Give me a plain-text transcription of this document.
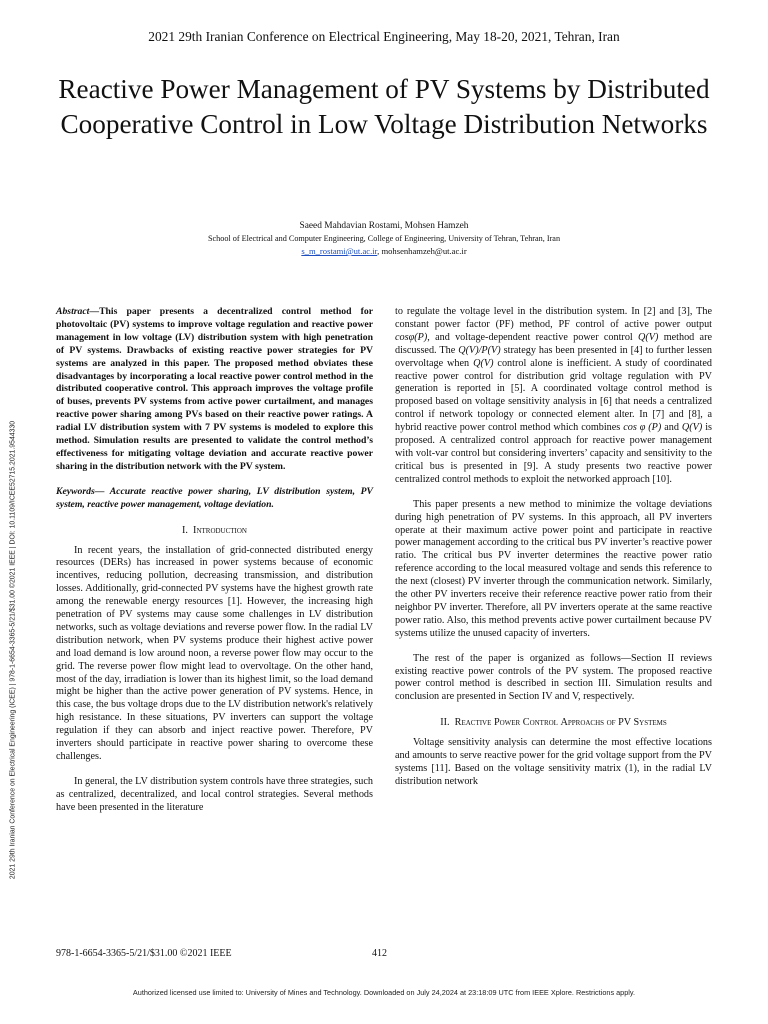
2021 29th Iranian Conference on Electrical Engineering, May 18-20, 2021, Tehran, Iran
Reactive Power Management of PV Systems by Distributed Cooperative Control in Low Voltage Distribution Networks
Saeed Mahdavian Rostami, Mohsen Hamzeh
School of Electrical and Computer Engineering, College of Engineering, University of Tehran, Tehran, Iran
s_m_rostami@ut.ac.ir, mohsenhamzeh@ut.ac.ir
2021 29th Iranian Conference on Electrical Engineering (ICEE) | 978-1-6654-3365-5/21/$31.00 ©2021 IEEE | DOI: 10.1109/ICEE52715.2021.9544330

Abstract—This paper presents a decentralized control method for photovoltaic (PV) systems to improve voltage regulation and reactive power management in low voltage (LV) distribution system with high penetration of PV systems. Drawbacks of existing reactive power strategies for PV systems are analyzed in this paper. The proposed method obviates these disadvantages by incorporating a local reactive power control method in the distributed cooperative control. This approach improves the voltage profile of buses, prevents PV systems from active power curtailment, and manages reactive power sharing among PVs based on their reactive power ratings. A radial LV distribution system with 7 PV systems is modeled to explore this method. Simulation results are presented to validate the control method’s effectiveness for mitigating voltage deviation and accurate reactive power sharing in the distribution network with the PV system.

Keywords— Accurate reactive power sharing, LV distribution system, PV system, reactive power management, voltage deviation.

I. Introduction

In recent years, the installation of grid-connected distributed energy resources (DERs) has increased in power systems because of economic incentives, reducing pollution, decreasing transmission, and distribution losses. Additionally, grid-connected PV systems have the highest growth rate among the renewable energy resources [1]. However, the increasing high penetration of PV systems may cause some challenges in LV distribution networks, such as voltage deviations and reverse power flow. In the radial LV distribution network, when PV systems produce their highest active power and load demand is low around noon, a reverse power flow may occur to the grid. The reverse power flow might lead to overvoltage. On the other hand, most of the day, irradiation is lower than its highest limit, so the load demand might be higher than the active power generation of PV systems. Hence, in this case, the bus voltage drops due to the LV distribution network's relatively high resistance. In these situations, PV inverters can support the voltage regulation if they can absorb and inject reactive power. Therefore, PV inverters should participate in reactive power sharing to overcome these challenges.

In general, the LV distribution system controls have three strategies, such as centralized, decentralized, and local control strategies. Several methods have been presented in the literature

to regulate the voltage level in the distribution system. In [2] and [3], The constant power factor (PF) method, PF control of active power output cosφ(P), and voltage-dependent reactive power control Q(V) method are discussed. The Q(V)/P(V) strategy has been presented in [4] to further lessen overvoltage when Q(V) control alone is inefficient. A study of coordinated reactive power control for distribution grid voltage regulation with PV generation is reported in [5]. A coordinated voltage control method is proposed based on voltage sensitivity analysis in [6] that needs a centralized control if network topology or connected element alter. In [7] and [8], a hybrid reactive power control method which combines cos φ (P) and Q(V) is proposed. A centralized control approach for reactive power management with volt-var control but considering inverters’ capacity and sensitivity to the critical bus is presented in [9]. A study presents two reactive power centralized control methods to exploit the networked approach [10].

This paper presents a new method to minimize the voltage deviations during high penetration of PV systems. In this approach, all PV inverters operate at their maximum active power point and participate in reactive power management according to the critical bus PV inverter’s reactive power ratio. The critical bus PV inverter determines the reactive power ratio reference according to the local measured voltage and sends this reference to the next (closest) PV inverter through the communication network. Similarly, the other PV inverters receive their reference reactive power ratio from their neighbor PV inverter. Therefore, all PV inverters operate at the same reactive power ratio. Also, this method prevents active power curtailment because PV systems utilize the unused capacity of inverters.

The rest of the paper is organized as follows—Section II reviews existing reactive power controls of the PV system. The proposed reactive power control method is described in section III. Simulation results and conclusion are presented in Section IV and V, respectively.

II. Reactive Power Control Approachs of PV Systems

Voltage sensitivity analysis can determine the most effective locations and amounts to serve reactive power for the grid voltage support from the PV systems [11]. Based on the voltage sensitivity matrix (1), in the radial LV distribution network

978-1-6654-3365-5/21/$31.00 ©2021 IEEE	412
Authorized licensed use limited to: University of Mines and Technology. Downloaded on July 24,2024 at 23:18:09 UTC from IEEE Xplore. Restrictions apply.
